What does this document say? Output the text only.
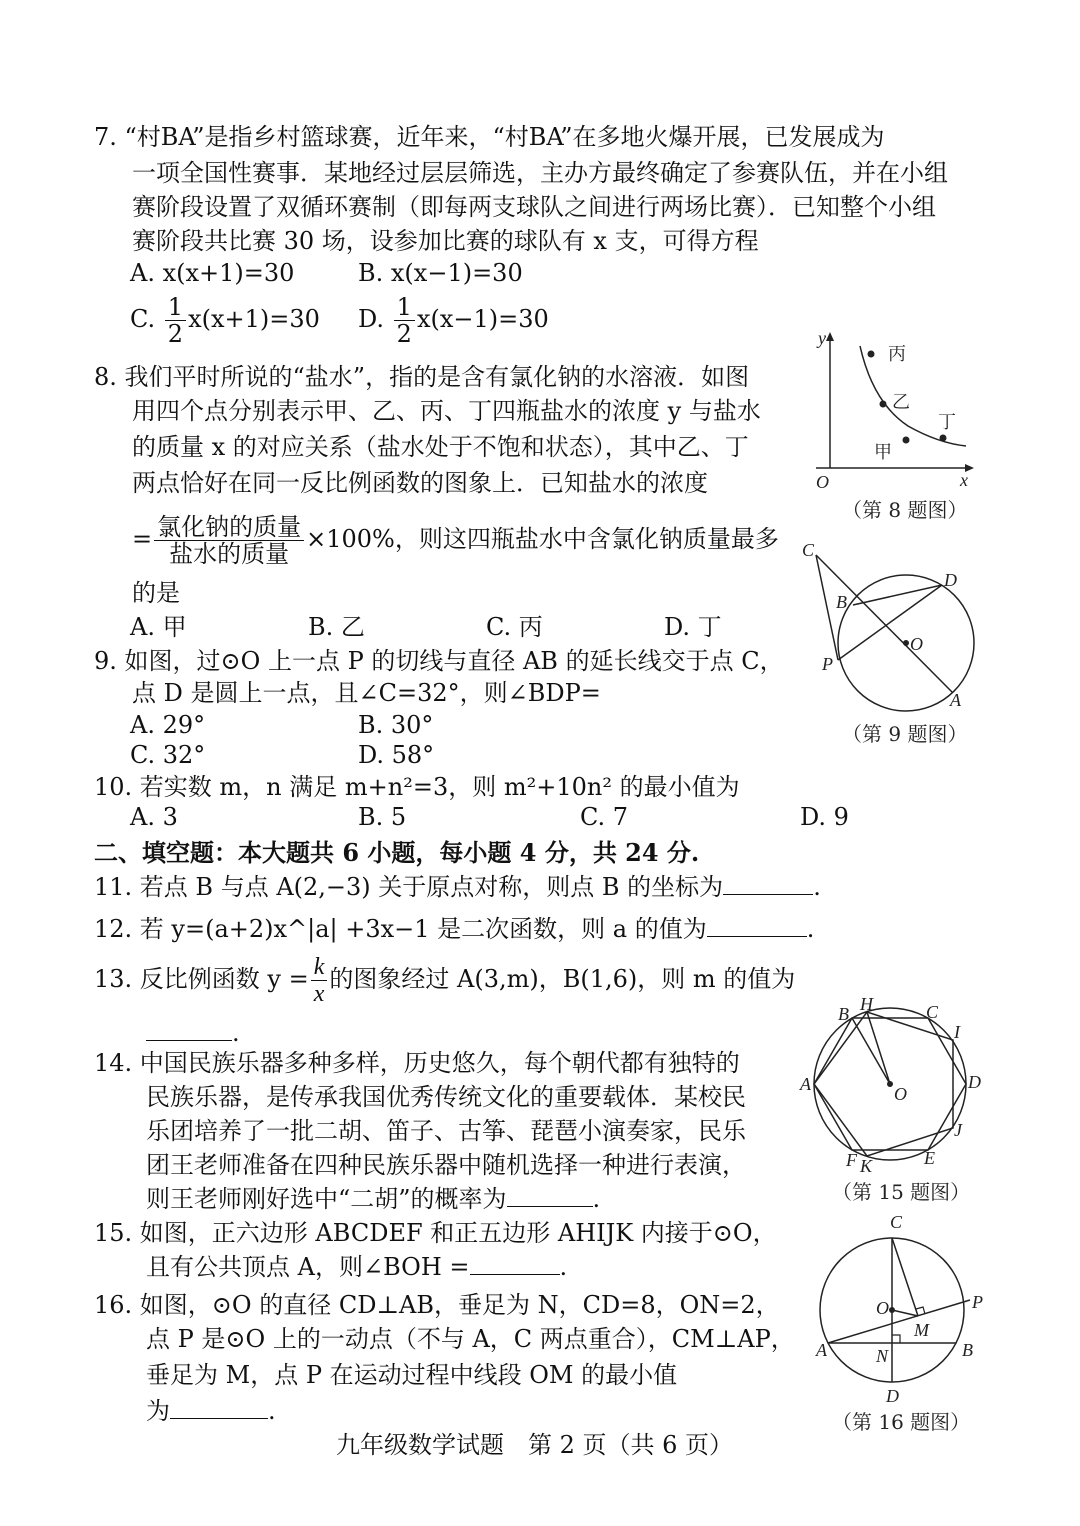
7. “村BA”是指乡村篮球赛，近年来，“村BA”在多地火爆开展，已发展成为
一项全国性赛事．某地经过层层筛选，主办方最终确定了参赛队伍，并在小组
赛阶段设置了双循环赛制（即每两支球队之间进行两场比赛）．已知整个小组
赛阶段共比赛 30 场，设参加比赛的球队有 x 支，可得方程
A. x(x+1)=30	B. x(x−1)=30
C. $\frac{1}{2} x(x+1)=30$ D. $\frac{1}{2} x(x-1)=30$
8. 我们平时所说的“盐水”，指的是含有氯化钠的水溶液．如图
用四个点分别表示甲、乙、丙、丁四瓶盐水的浓度 y 与盐水
的质量 x 的对应关系（盐水处于不饱和状态），其中乙、丁
两点恰好在同一反比例函数的图象上．已知盐水的浓度
= $\frac{\text{氯化钠的质量}}{\text{盐水的质量}} \times 100\%$，则这四瓶盐水中含氯化钠质量最多
的是
A. 甲	B. 乙	C. 丙	D. 丁
y
x
O
丙
乙
丁
甲
（第 8 题图）
9. 如图，过⊙O 上一点 P 的切线与直径 AB 的延长线交于点 C，
点 D 是圆上一点，且∠C=32°，则∠BDP=
A. 29°	B. 30°
C. 32°	D. 58°
C
D
B
O
P
A
（第 9 题图）
10. 若实数 m，n 满足 m+n²=3，则 m²+10n² 的最小值为
A. 3	B. 5	C. 7	D. 9
二、填空题：本大题共 6 小题，每小题 4 分，共 24 分.
11. 若点 B 与点 A(2,−3) 关于原点对称，则点 B 的坐标为	.
12. 若 y=(a+2)x^|a| +3x−1 是二次函数，则 a 的值为	.
13. 反比例函数 $y = \frac{k}{x}$ 的图象经过 A(3,m)，B(1,6)，则 m 的值为
.
14. 中国民族乐器多种多样，历史悠久，每个朝代都有独特的
民族乐器，是传承我国优秀传统文化的重要载体．某校民
乐团培养了一批二胡、笛子、古筝、琵琶小演奏家，民乐
团王老师准备在四种民族乐器中随机选择一种进行表演，
则王老师刚好选中“二胡”的概率为	.
B H	C
I
A	O
D
J
F K	E
（第 15 题图）
15. 如图，正六边形 ABCDEF 和正五边形 AHIJK 内接于⊙O，
且有公共顶点 A，则∠BOH =	.
16. 如图，⊙O 的直径 CD⊥AB，垂足为 N，CD=8，ON=2，
点 P 是⊙O 上的一动点（不与 A，C 两点重合），CM⊥AP，
垂足为 M，点 P 在运动过程中线段 OM 的最小值
为	.
C
O	P
M
A	N	B
D
（第 16 题图）
九年级数学试题　第 2 页（共 6 页）
